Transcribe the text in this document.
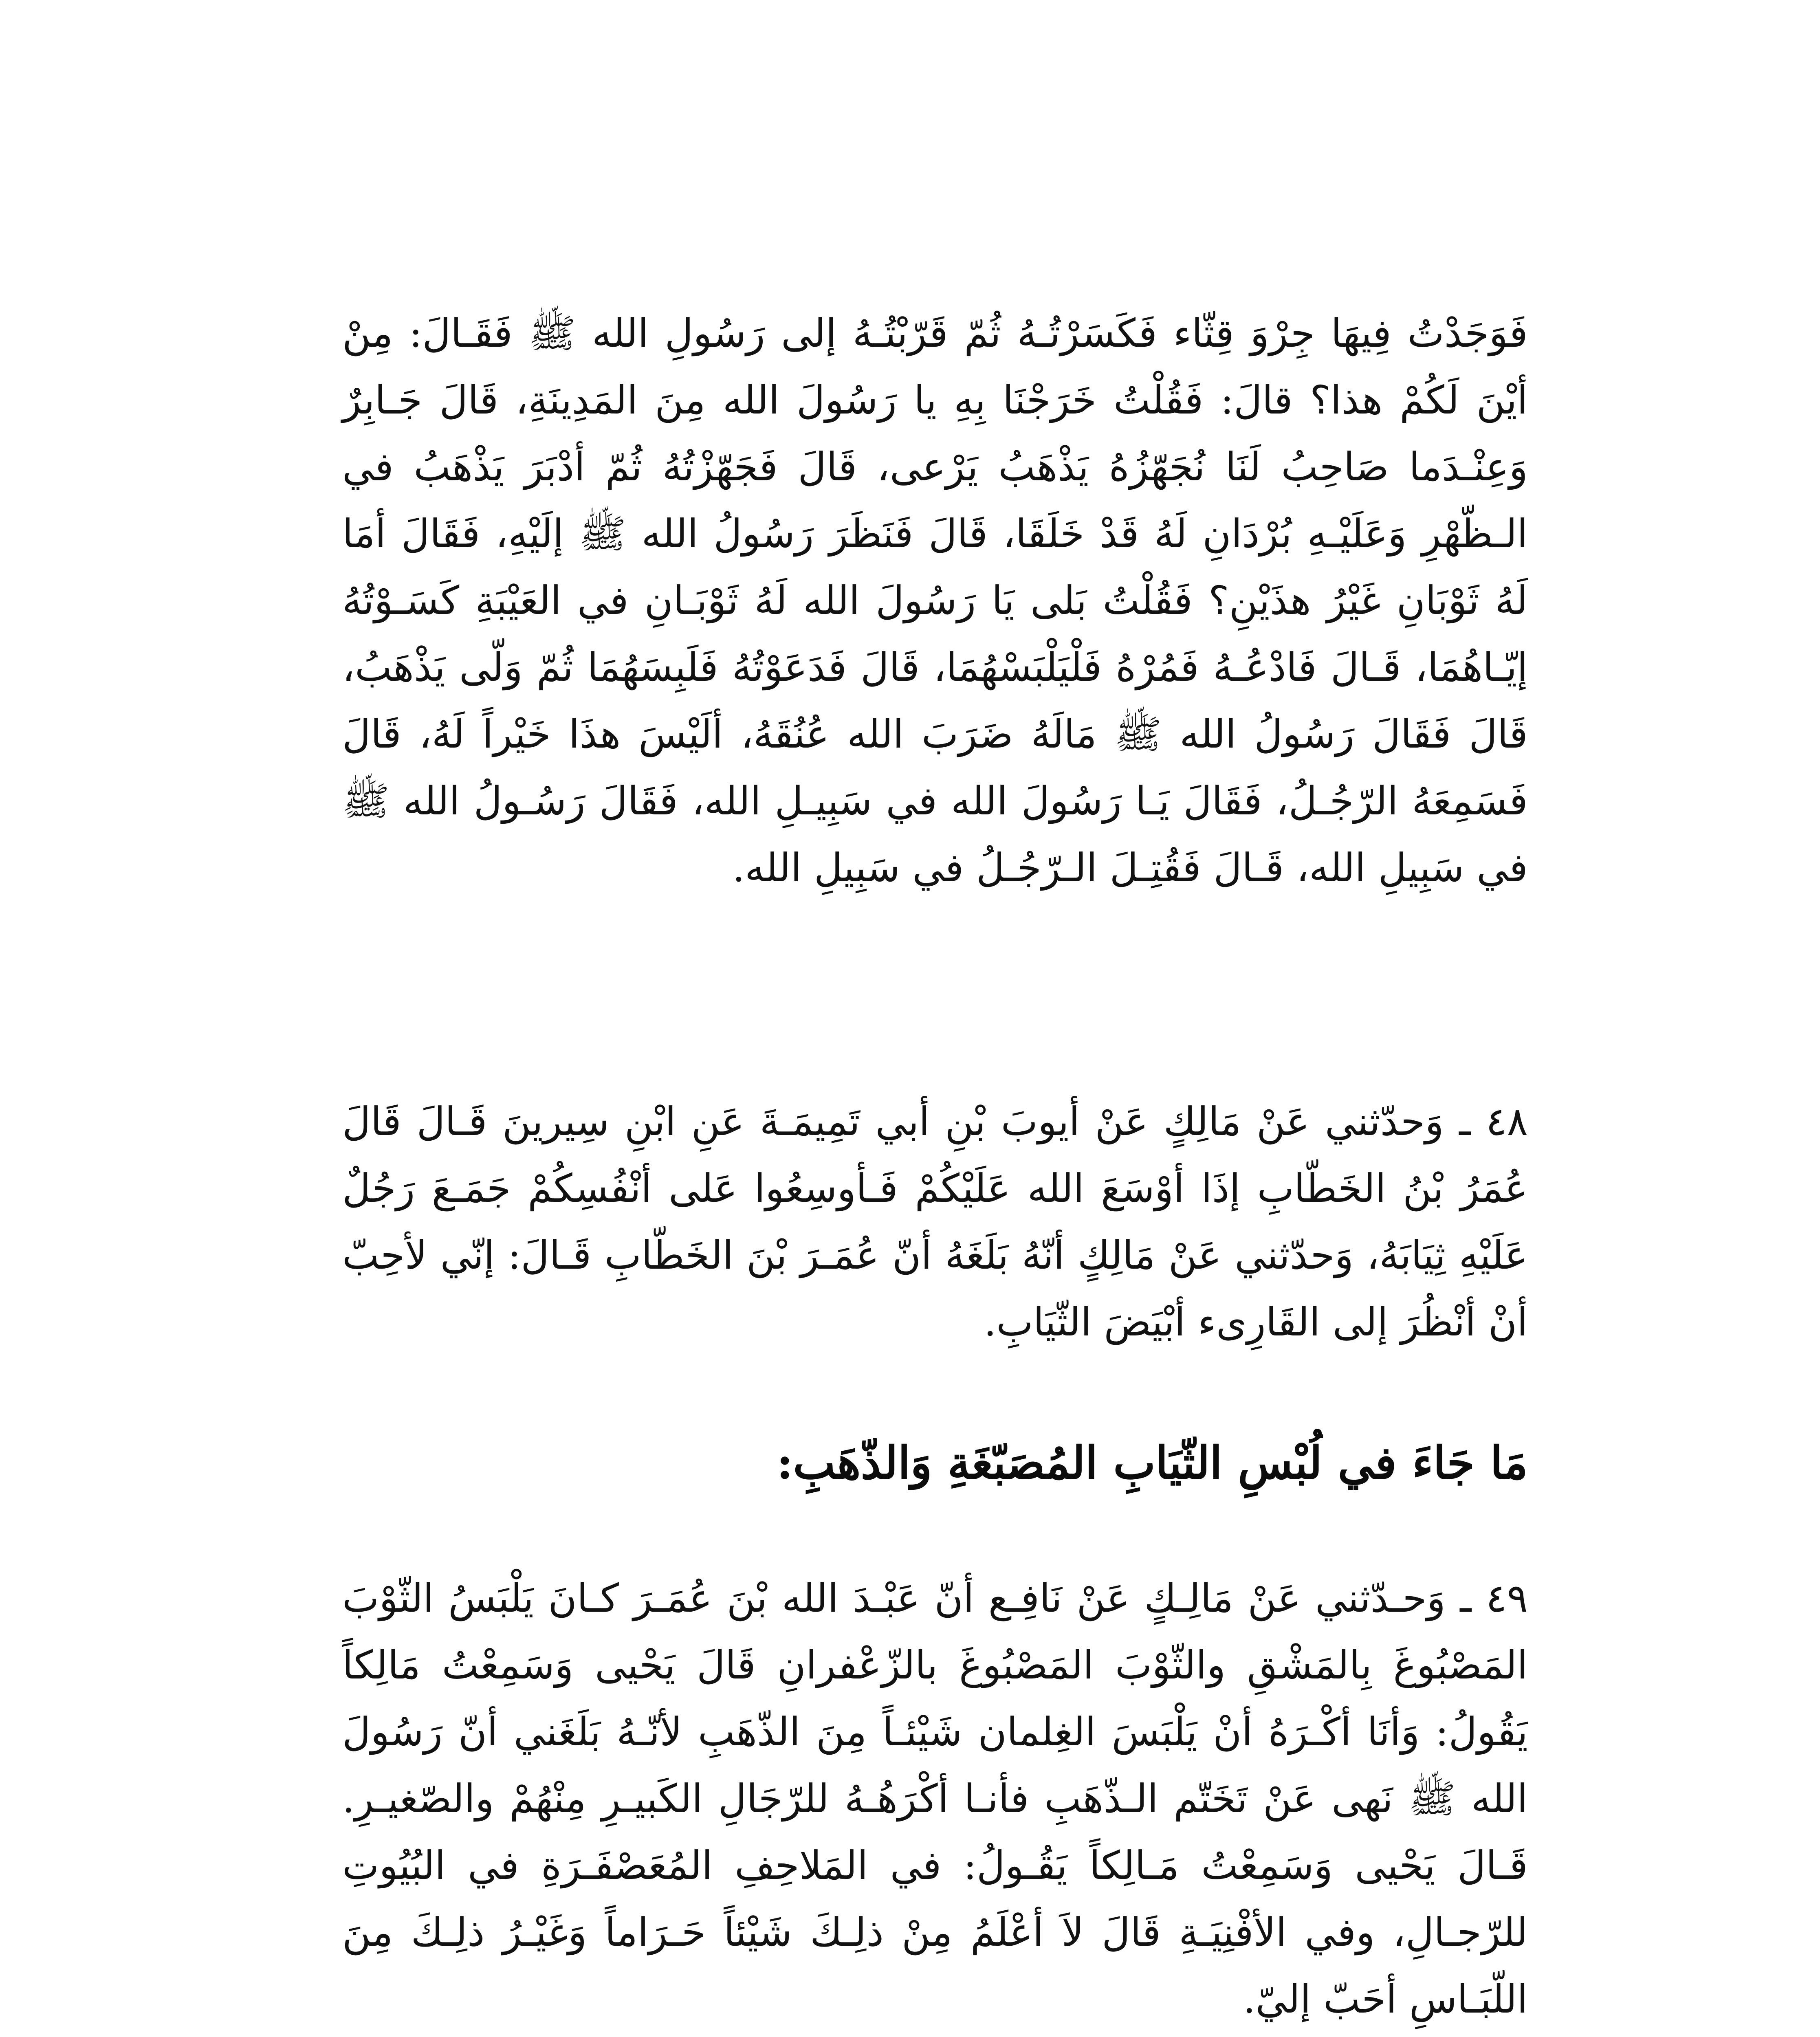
فَوَجَدْتُ فِيهَا جِرْوَ قِثّاء فَكَسَرْتُـهُ ثُمّ قَرّبْتُـهُ إلى رَسُولِ الله ﷺ فَقَـالَ: مِنْ أيْنَ لَكُمْ هذا؟ قالَ: فَقُلْتُ خَرَجْنَا بِهِ يا رَسُولَ الله مِنَ المَدِينَةِ، قَالَ جَـابِرٌ وَعِنْـدَما صَاحِبُ لَنَا نُجَهّزُهُ يَذْهَبُ يَرْعى، قَالَ فَجَهّزْتُهُ ثُمّ أدْبَرَ يَذْهَبُ في الـظّهْرِ وَعَلَيْـهِ بُرْدَانِ لَهُ قَدْ خَلَقَا، قَالَ فَنَظَرَ رَسُولُ الله ﷺ إلَيْهِ، فَقَالَ أمَا لَهُ ثَوْبَانِ غَيْرُ هذَيْنِ؟ فَقُلْتُ بَلى يَا رَسُولَ الله لَهُ ثَوْبَـانِ في العَيْبَةِ كَسَـوْتُهُ إيّـاهُمَا، قَـالَ فَادْعُـهُ فَمُرْهُ فَلْيَلْبَسْهُمَا، قَالَ فَدَعَوْتُهُ فَلَبِسَهُمَا ثُمّ وَلّى يَذْهَبُ، قَالَ فَقَالَ رَسُولُ الله ﷺ مَالَهُ ضَرَبَ الله عُنُقَهُ، ألَيْسَ هذَا خَيْراً لَهُ، قَالَ فَسَمِعَهُ الرّجُـلُ، فَقَالَ يَـا رَسُولَ الله في سَبِيـلِ الله، فَقَالَ رَسُـولُ الله ﷺ في سَبِيلِ الله، قَـالَ فَقُتِـلَ الـرّجُـلُ في سَبِيلِ الله.

٤٨ ـ وَحدّثني عَنْ مَالِكٍ عَنْ أيوبَ بْنِ أبي تَمِيمَـةَ عَنِ ابْنِ سِيرينَ قَـالَ قَالَ عُمَرُ بْنُ الخَطّابِ إذَا أوْسَعَ الله عَلَيْكُمْ فَـأوسِعُوا عَلى أنْفُسِكُمْ جَمَـعَ رَجُلٌ عَلَيْهِ ثِيَابَهُ، وَحدّثني عَنْ مَالِكٍ أنّهُ بَلَغَهُ أنّ عُمَـرَ بْنَ الخَطّابِ قَـالَ: إنّي لأحِبّ أنْ أنْظُرَ إلى القَارِىء أبْيَضَ الثّيَابِ.

مَا جَاءَ في لُبْسِ الثّيَابِ المُصَبّغَةِ وَالذّهَبِ:

٤٩ ـ وَحـدّثني عَنْ مَالِـكٍ عَنْ نَافِـع أنّ عَبْـدَ الله بْنَ عُمَـرَ كـانَ يَلْبَسُ الثّوْبَ المَصْبُوغَ بِالمَشْقِ والثّوْبَ المَصْبُوغَ بالزّعْفرانِ قَالَ يَحْيى وَسَمِعْتُ مَالِكاً يَقُولُ: وَأنَا أكْـرَهُ أنْ يَلْبَسَ الغِلمان شَيْئـاً مِنَ الذّهَبِ لأنّـهُ بَلَغَني أنّ رَسُولَ الله ﷺ نَهى عَنْ تَخَتّم الـذّهَبِ فأنـا أكْرَهُـهُ للرّجَالِ الكَبيـرِ مِنْهُمْ والصّغيـرِ. قَـالَ يَحْيى وَسَمِعْتُ مَـالِكاً يَقُـولُ: في المَلاحِفِ المُعَصْفَـرَةِ في البُيُوتِ للرّجـالِ، وفي الأفْنِيَـةِ قَالَ لاَ أعْلَمُ مِنْ ذلِـكَ شَيْئاً حَـرَاماً وَغَيْـرُ ذلِـكَ مِنَ اللّبَـاسِ أحَبّ إليّ.
